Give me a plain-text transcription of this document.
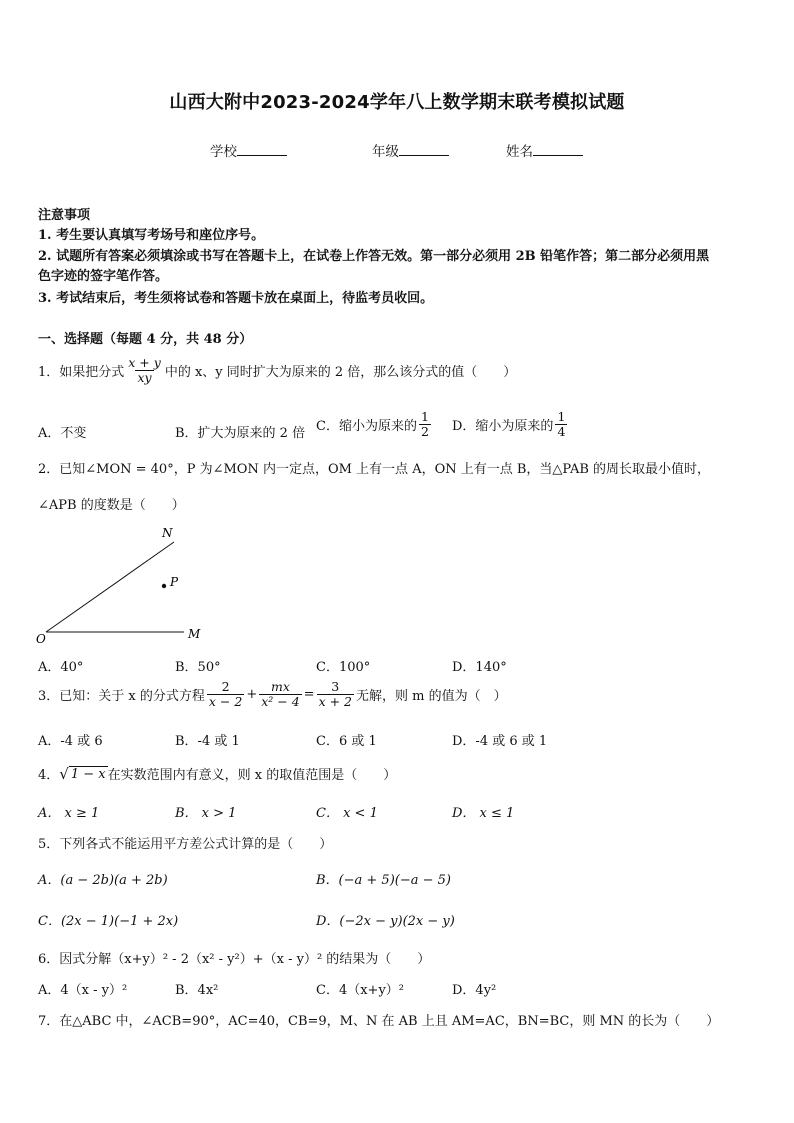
山西大附中2023-2024学年八上数学期末联考模拟试题
学校	年级	姓名
注意事项
1. 考生要认真填写考场号和座位序号。
2. 试题所有答案必须填涂或书写在答题卡上，在试卷上作答无效。第一部分必须用 2B 铅笔作答；第二部分必须用黑
色字迹的签字笔作答。
3. 考试结束后，考生须将试卷和答题卡放在桌面上，待监考员收回。
一、选择题（每题 4 分，共 48 分）
1．如果把分式 $\frac{x + y}{xy}$ 中的 x、y 同时扩大为原来的 2 倍，那么该分式的值（　　）
A．不变	B．扩大为原来的 2 倍 C．缩小为原来的 $\frac{1}{2}$ D．缩小为原来的 $\frac{1}{4}$
2．已知∠MON = 40°，P 为∠MON 内一定点，OM 上有一点 A，ON 上有一点 B，当△PAB 的周长取最小值时，
∠APB 的度数是（　　）
N
P
O	M
A．40°	B．50°	C．100°	D．140°
3．已知：关于 x 的分式方程 $\frac{2}{x - 2} + \frac{mx}{\text{x² − 4}} = \frac{3}{x + 2}$ 无解，则 m 的值为（　）
A．-4 或 6	B．-4 或 1	C．6 或 1	D．-4 或 6 或 1
4． √ 1 − x 在实数范围内有意义，则 x 的取值范围是（　　）
A． x ≥ 1	B． x > 1	C． x < 1	D． x ≤ 1
5．下列各式不能运用平方差公式计算的是（　　）
A．(a − 2b)(a + 2b)	B．(−a + 5)(−a − 5)
C．(2x − 1)(−1 + 2x)	D．(−2x − y)(2x − y)
6．因式分解（x+y）² - 2（x² - y²）+（x - y）² 的结果为（　　）
A．4（x - y）²	B．4x²	C．4（x+y）²	D．4y²
7．在△ABC 中，∠ACB=90°，AC=40，CB=9，M、N 在 AB 上且 AM=AC，BN=BC，则 MN 的长为（　　）
